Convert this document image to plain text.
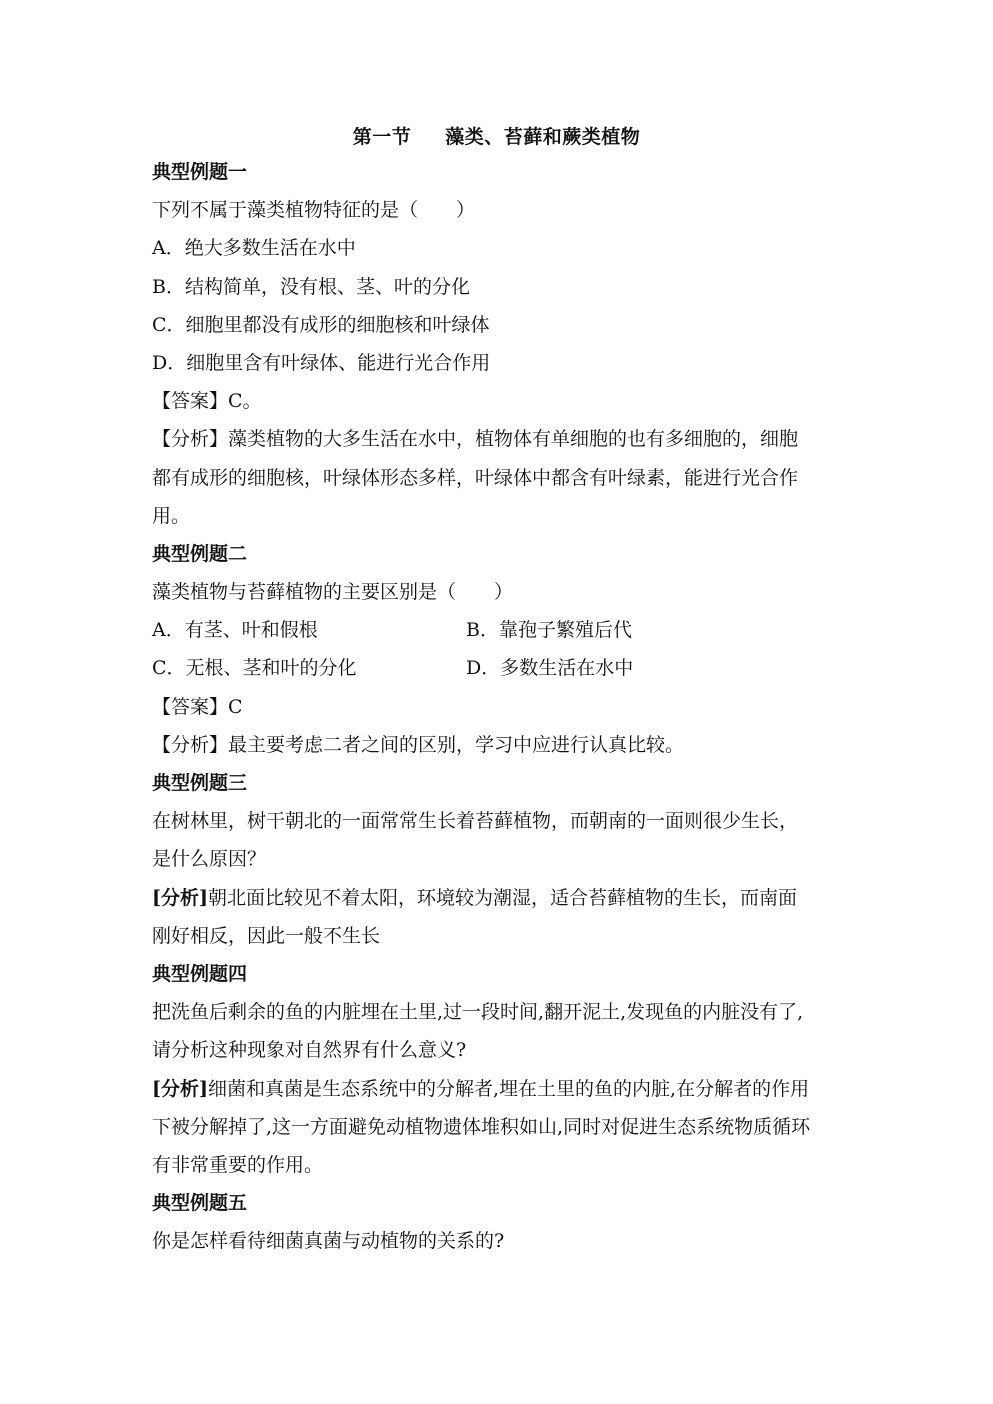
第一节 藻类、苔藓和蕨类植物
典型例题一
下列不属于藻类植物特征的是（　　）
A．绝大多数生活在水中
B．结构简单，没有根、茎、叶的分化
C．细胞里都没有成形的细胞核和叶绿体
D．细胞里含有叶绿体、能进行光合作用
【答案】C。
【分析】藻类植物的大多生活在水中，植物体有单细胞的也有多细胞的，细胞
都有成形的细胞核，叶绿体形态多样，叶绿体中都含有叶绿素，能进行光合作
用。
典型例题二
藻类植物与苔藓植物的主要区别是（　　）
A．有茎、叶和假根	B．靠孢子繁殖后代
C．无根、茎和叶的分化	D．多数生活在水中
【答案】C
【分析】最主要考虑二者之间的区别，学习中应进行认真比较。
典型例题三
在树林里，树干朝北的一面常常生长着苔藓植物，而朝南的一面则很少生长，
是什么原因？
[分析]朝北面比较见不着太阳，环境较为潮湿，适合苔藓植物的生长，而南面
刚好相反，因此一般不生长
典型例题四
把洗鱼后剩余的鱼的内脏埋在土里,过一段时间,翻开泥土,发现鱼的内脏没有了,
请分析这种现象对自然界有什么意义?
[分析]细菌和真菌是生态系统中的分解者,埋在土里的鱼的内脏,在分解者的作用
下被分解掉了,这一方面避免动植物遗体堆积如山,同时对促进生态系统物质循环
有非常重要的作用。
典型例题五
你是怎样看待细菌真菌与动植物的关系的?
